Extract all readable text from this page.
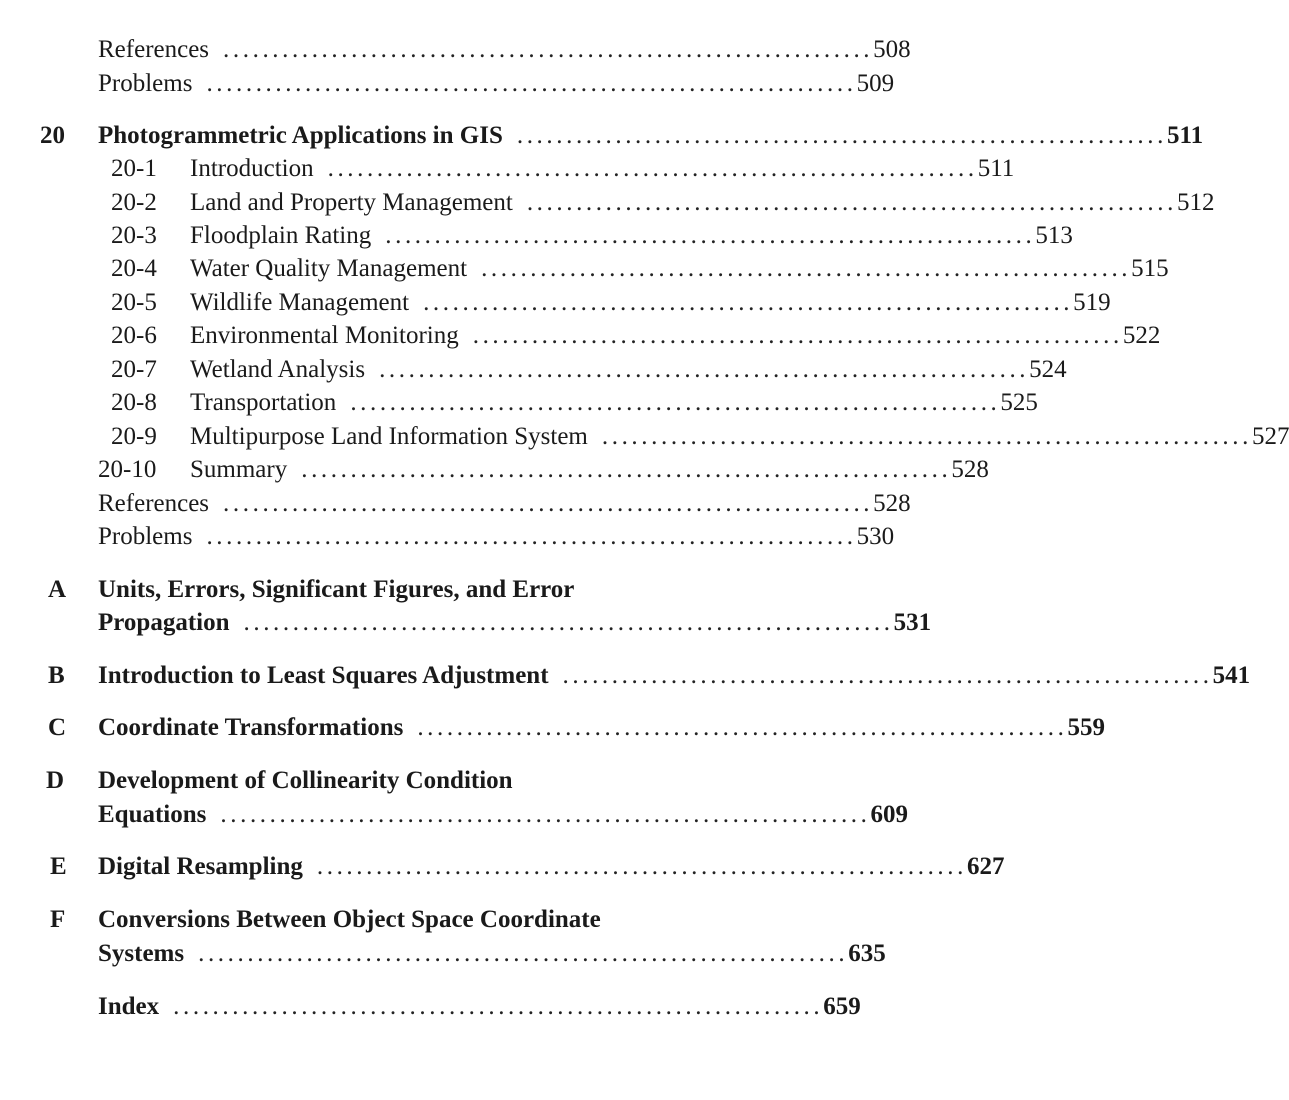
References .................................................................. 508
Problems .................................................................. 509
20 Photogrammetric Applications in GIS .................................................................. 511
20-1 Introduction .................................................................. 511
20-2 Land and Property Management .................................................................. 512
20-3 Floodplain Rating .................................................................. 513
20-4 Water Quality Management .................................................................. 515
20-5 Wildlife Management .................................................................. 519
20-6 Environmental Monitoring .................................................................. 522
20-7 Wetland Analysis .................................................................. 524
20-8 Transportation .................................................................. 525
20-9 Multipurpose Land Information System .................................................................. 527
20-10 Summary .................................................................. 528
References .................................................................. 528
Problems .................................................................. 530
A Units, Errors, Significant Figures, and Error
Propagation .................................................................. 531
B Introduction to Least Squares Adjustment .................................................................. 541
C Coordinate Transformations .................................................................. 559
D Development of Collinearity Condition
Equations .................................................................. 609
E Digital Resampling .................................................................. 627
F Conversions Between Object Space Coordinate
Systems .................................................................. 635
Index .................................................................. 659
